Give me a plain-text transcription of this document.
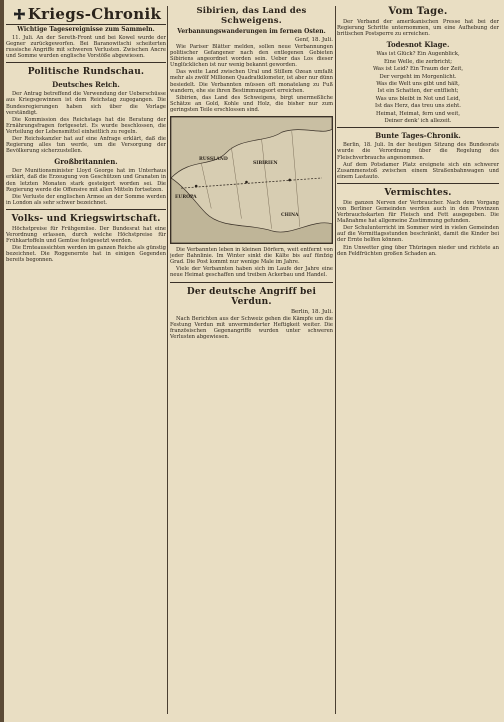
Kriegs-Chronik
Wichtige Tagesereignisse zum Sammeln.

11. Juli. An der Sereth-Front und bei Kowel wurde der Gegner zurückgeworfen. Bei Baranowitschi scheiterten russische Angriffe mit schweren Verlusten. Zwischen Ancre und Somme wurden englische Vorstöße abgewiesen.

Politische Rundschau.
Deutsches Reich.

Der Antrag betreffend die Verwendung der Ueberschüsse aus Kriegsgewinnen ist dem Reichstag zugegangen. Die Bundesregierungen haben sich über die Vorlage verständigt.

Die Kommission des Reichstags hat die Beratung der Ernährungsfragen fortgesetzt. Es wurde beschlossen, die Verteilung der Lebensmittel einheitlich zu regeln.

Der Reichskanzler hat auf eine Anfrage erklärt, daß die Regierung alles tun werde, um die Versorgung der Bevölkerung sicherzustellen.

Großbritannien.

Der Munitionsminister Lloyd George hat im Unterhaus erklärt, daß die Erzeugung von Geschützen und Granaten in den letzten Monaten stark gesteigert worden sei. Die Regierung werde die Offensive mit allen Mitteln fortsetzen.

Die Verluste der englischen Armee an der Somme werden in London als sehr schwer bezeichnet.

Volks- und Kriegswirtschaft.

Höchstpreise für Frühgemüse. Der Bundesrat hat eine Verordnung erlassen, durch welche Höchstpreise für Frühkartoffeln und Gemüse festgesetzt werden.

Die Ernteaussichten werden im ganzen Reiche als günstig bezeichnet. Die Roggenernte hat in einigen Gegenden bereits begonnen.

Sibirien, das Land des Schweigens.
Verbannungswanderungen im fernen Osten.
Genf, 18. Juli.

Wie Pariser Blätter melden, sollen neue Verbannungen politischer Gefangener nach den entlegenen Gebieten Sibiriens angeordnet worden sein. Ueber das Los dieser Unglücklichen ist nur wenig bekannt geworden.

Das weite Land zwischen Ural und Stillem Ozean umfaßt mehr als zwölf Millionen Quadratkilometer, ist aber nur dünn besiedelt. Die Verbannten müssen oft monatelang zu Fuß wandern, ehe sie ihren Bestimmungsort erreichen.

Sibirien, das Land des Schweigens, birgt unermeßliche Schätze an Gold, Kohle und Holz, die bisher nur zum geringsten Teile erschlossen sind.

EUROPA
RUSSLAND
SIBIRIEN
CHINA

Die Verbannten leben in kleinen Dörfern, weit entfernt von jeder Bahnlinie. Im Winter sinkt die Kälte bis auf fünfzig Grad. Die Post kommt nur wenige Male im Jahre.

Viele der Verbannten haben sich im Laufe der Jahre eine neue Heimat geschaffen und treiben Ackerbau und Handel.

Der deutsche Angriff bei Verdun.
Berlin, 18. Juli.

Nach Berichten aus der Schweiz gehen die Kämpfe um die Festung Verdun mit unverminderter Heftigkeit weiter. Die französischen Gegenangriffe wurden unter schweren Verlusten abgewiesen.

Vom Tage.

Der Verband der amerikanischen Presse hat bei der Regierung Schritte unternommen, um eine Aufhebung der britischen Postsperre zu erreichen.

Todesnot Klage.
Was ist Glück? Ein Augenblick,
Eine Welle, die zerbricht;
Was ist Leid? Ein Traum der Zeit,
Der vergeht im Morgenlicht.
Was die Welt uns gibt und hält,
Ist ein Schatten, der entflieht;
Was uns bleibt in Not und Leid,
Ist das Herz, das treu uns zieht.
Heimat, Heimat, fern und weit,
Deiner denk' ich allezeit.
Bunte Tages-Chronik.

Berlin, 18. Juli. In der heutigen Sitzung des Bundesrats wurde die Verordnung über die Regelung des Fleischverbrauchs angenommen.

Auf dem Potsdamer Platz ereignete sich ein schwerer Zusammenstoß zwischen einem Straßenbahnwagen und einem Lastauto.

Vermischtes.

Die ganzen Nerven der Verbraucher. Nach dem Vorgang von Berliner Gemeinden werden auch in den Provinzen Verbrauchskarten für Fleisch und Fett ausgegeben. Die Maßnahme hat allgemeine Zustimmung gefunden.

Der Schulunterricht im Sommer wird in vielen Gemeinden auf die Vormittagsstunden beschränkt, damit die Kinder bei der Ernte helfen können.

Ein Unwetter ging über Thüringen nieder und richtete an den Feldfrüchten großen Schaden an.
